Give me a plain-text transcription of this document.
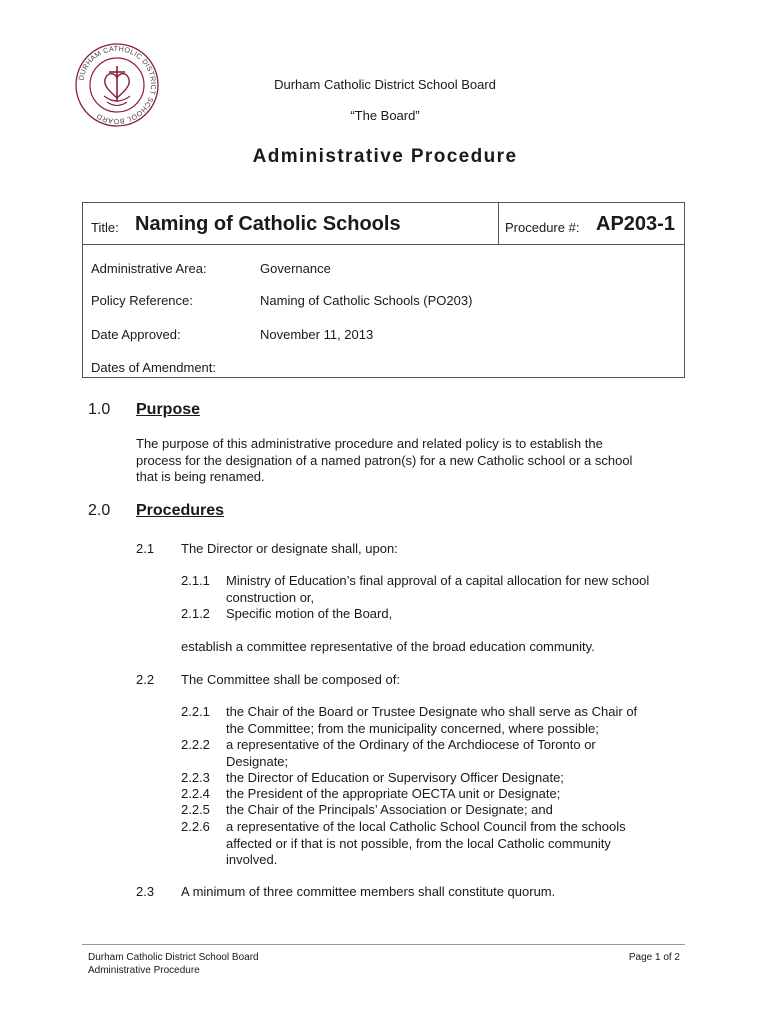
DURHAM CATHOLIC DISTRICT SCHOOL BOARD
Durham Catholic District School Board
“The Board”
Administrative Procedure
Title: Naming of Catholic Schools	Procedure #: AP203-1
Administrative Area:	Governance
Policy Reference:	Naming of Catholic Schools (PO203)
Date Approved:	November 11, 2013
Dates of Amendment:
1.0 Purpose
The purpose of this administrative procedure and related policy is to establish the
process for the designation of a named patron(s) for a new Catholic school or a school
that is being renamed.
2.0 Procedures
2.1 The Director or designate shall, upon:
2.1.1 Ministry of Education’s final approval of a capital allocation for new school
construction or,
2.1.2 Specific motion of the Board,
establish a committee representative of the broad education community.
2.2 The Committee shall be composed of:
2.2.1 the Chair of the Board or Trustee Designate who shall serve as Chair of
the Committee; from the municipality concerned, where possible;
2.2.2 a representative of the Ordinary of the Archdiocese of Toronto or
Designate;
2.2.3 the Director of Education or Supervisory Officer Designate;
2.2.4 the President of the appropriate OECTA unit or Designate;
2.2.5 the Chair of the Principals’ Association or Designate; and
2.2.6 a representative of the local Catholic School Council from the schools
affected or if that is not possible, from the local Catholic community
involved.
2.3 A minimum of three committee members shall constitute quorum.
Durham Catholic District School Board
Administrative Procedure
Page 1 of 2
